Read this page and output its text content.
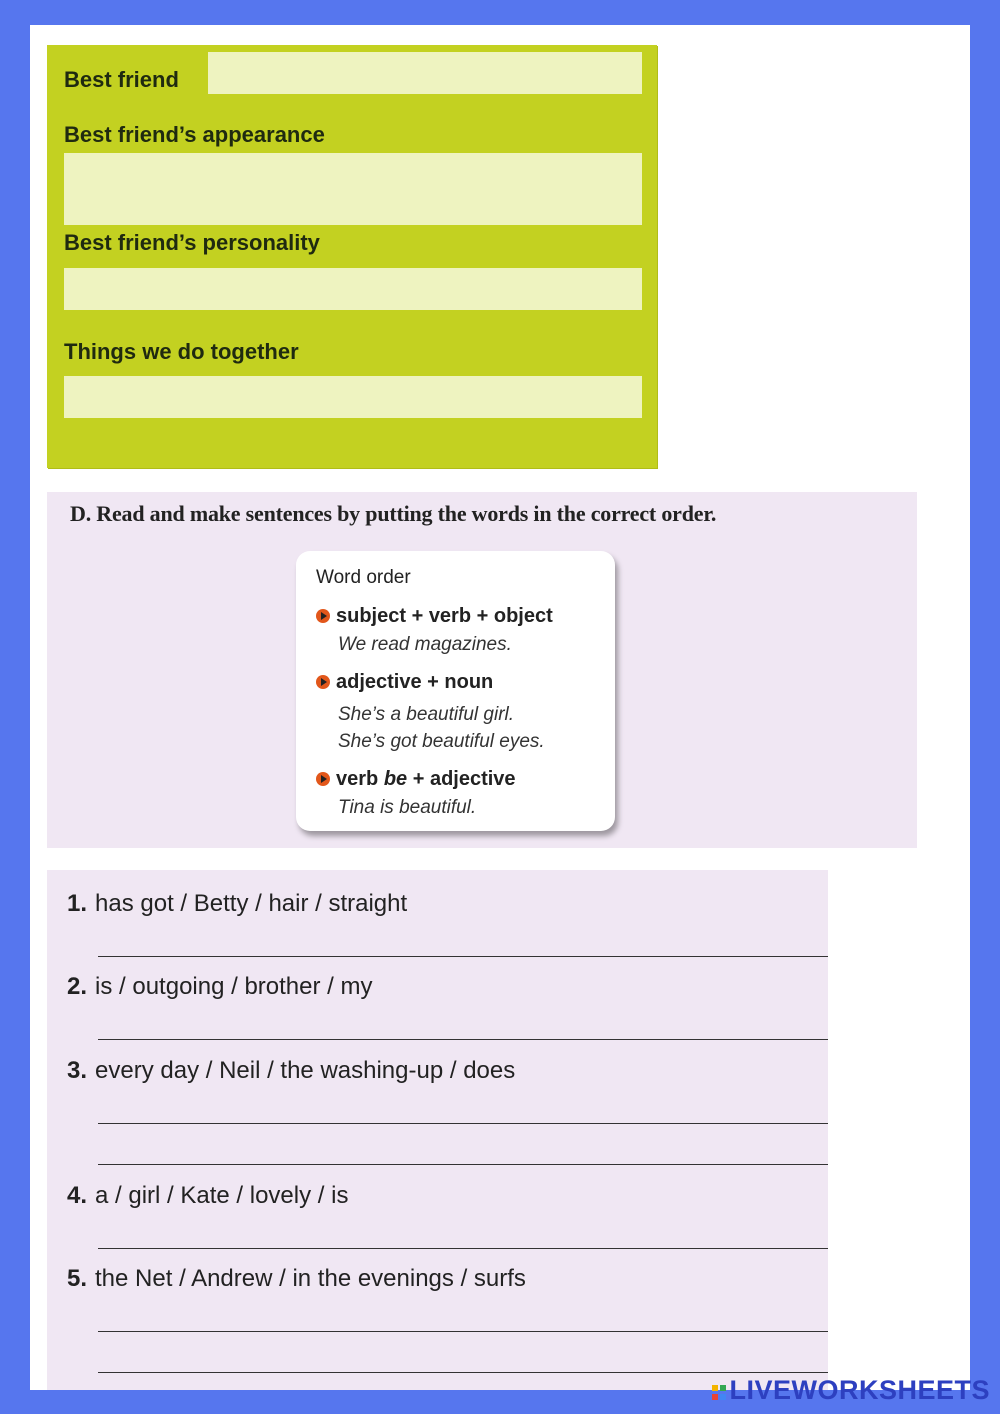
Best friend
Best friend’s appearance
Best friend’s personality
Things we do together
D. Read and make sentences by putting the words in the correct order.
Word order
subject + verb + object
We read magazines.
adjective + noun
She’s a beautiful girl.
She’s got beautiful eyes.
verb be + adjective
Tina is beautiful.
1. has got / Betty / hair / straight
2. is / outgoing / brother / my
3. every day / Neil / the washing-up / does
4. a / girl / Kate / lovely / is
5. the Net / Andrew / in the evenings / surfs

LIVEWORKSHEETS
